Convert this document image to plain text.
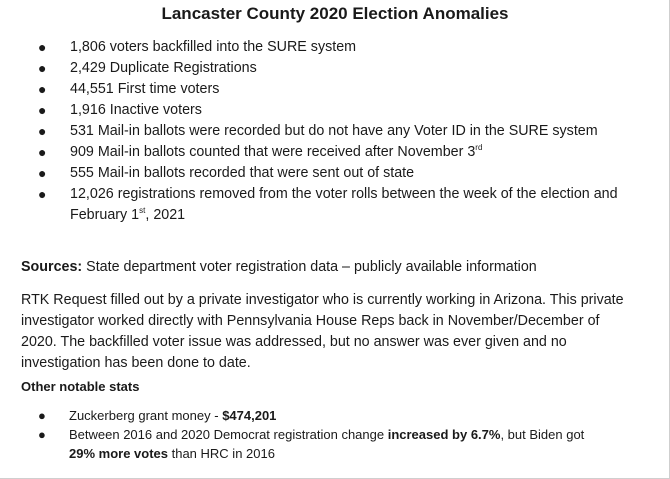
Lancaster County 2020 Election Anomalies
● 1,806 voters backfilled into the SURE system
● 2,429 Duplicate Registrations
● 44,551 First time voters
● 1,916 Inactive voters
● 531 Mail-in ballots were recorded but do not have any Voter ID in the SURE system
● 909 Mail-in ballots counted that were received after November 3rd
● 555 Mail-in ballots recorded that were sent out of state
● 12,026 registrations removed from the voter rolls between the week of the election and
February 1st, 2021
Sources: State department voter registration data – publicly available information
RTK Request filled out by a private investigator who is currently working in Arizona. This private
investigator worked directly with Pennsylvania House Reps back in November/December of
2020. The backfilled voter issue was addressed, but no answer was ever given and no
investigation has been done to date.
Other notable stats
● Zuckerberg grant money - $474,201
● Between 2016 and 2020 Democrat registration change increased by 6.7%, but Biden got
29% more votes than HRC in 2016
